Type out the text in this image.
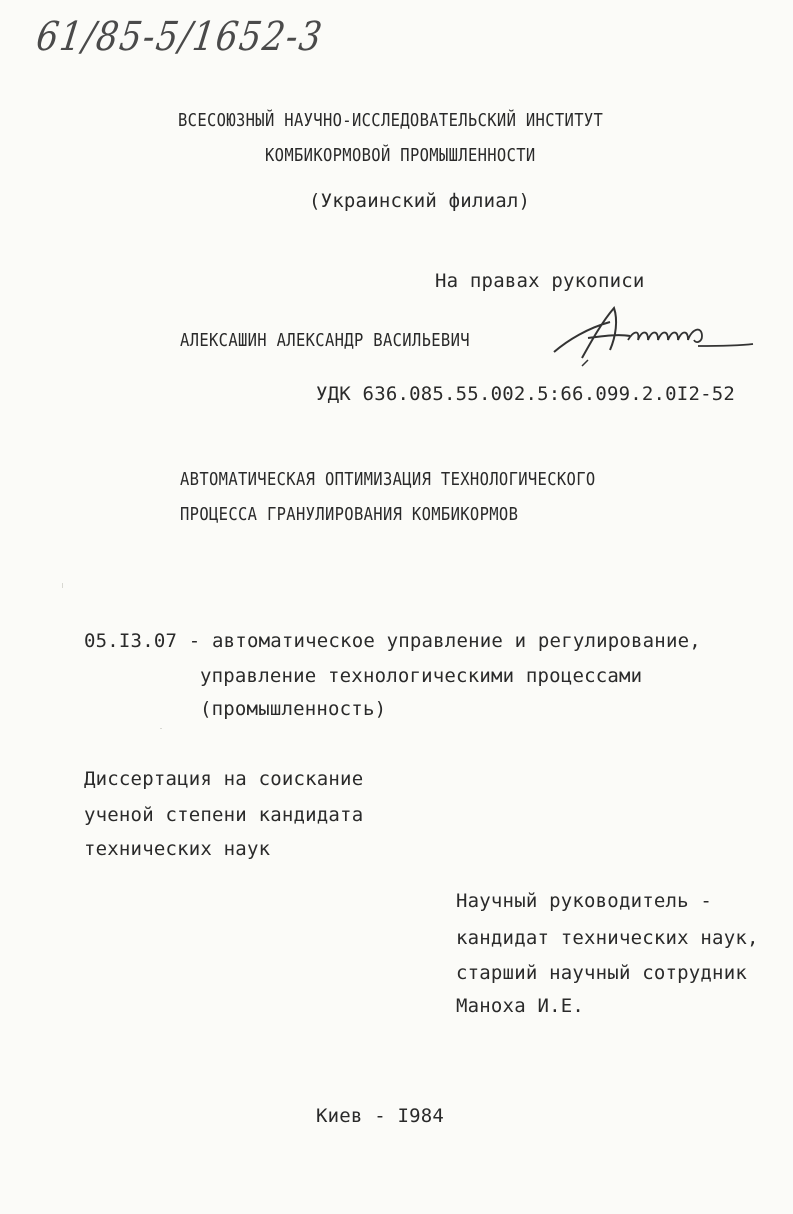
61/85-5/1652-3
ВСЕСОЮЗНЫЙ НАУЧНО-ИССЛЕДОВАТЕЛЬСКИЙ ИНСТИТУТ
КОМБИКОРМОВОЙ ПРОМЫШЛЕННОСТИ
(Украинский филиал)
На правах рукописи
АЛЕКСАШИН АЛЕКСАНДР ВАСИЛЬЕВИЧ
УДК 636.085.55.002.5:66.099.2.0I2-52
АВТОМАТИЧЕСКАЯ ОПТИМИЗАЦИЯ ТЕХНОЛОГИЧЕСКОГО
ПРОЦЕССА ГРАНУЛИРОВАНИЯ КОМБИКОРМОВ
05.I3.07 - автоматическое управление и регулирование,
управление технологическими процессами
(промышленность)
Диссертация на соискание
ученой степени кандидата
технических наук
Научный руководитель -
кандидат технических наук,
старший научный сотрудник
Маноха И.Е.
Киев - I984
